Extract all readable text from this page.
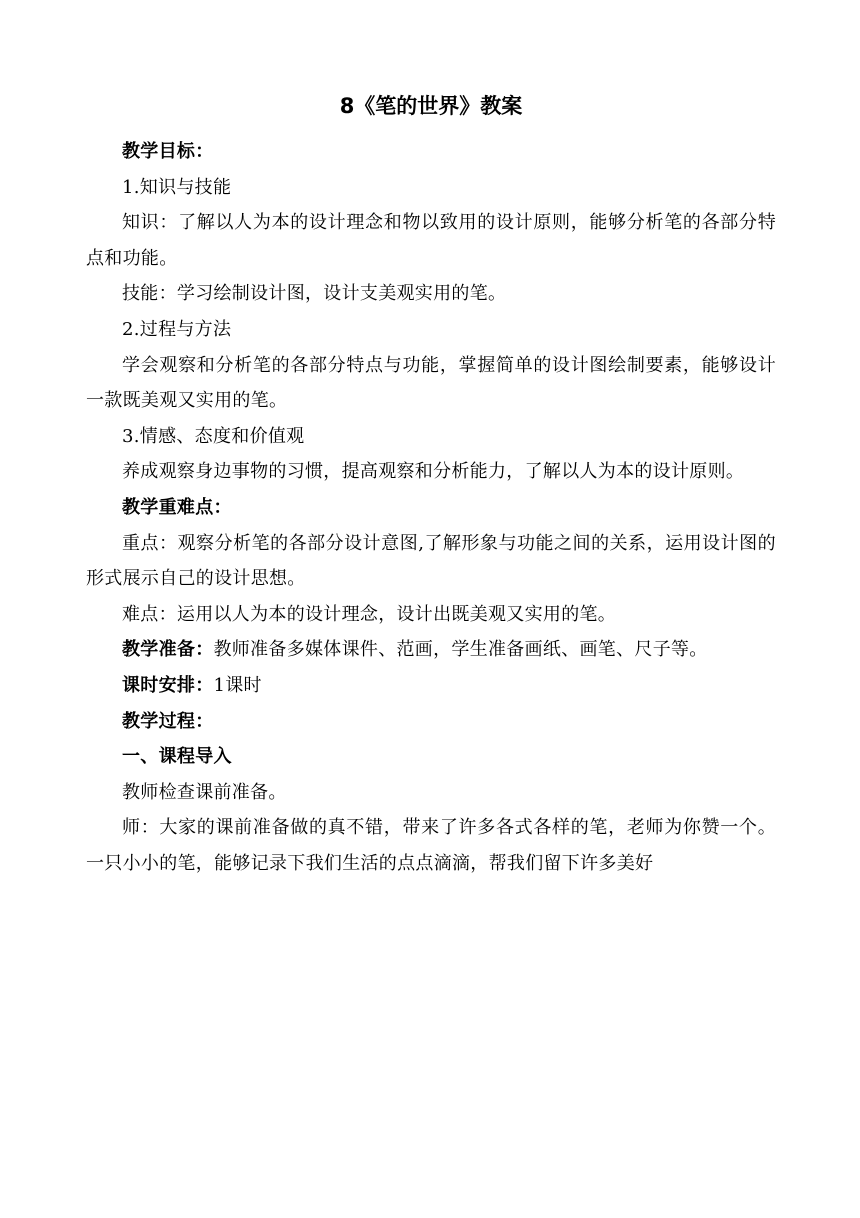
8《笔的世界》教案

教学目标：

1.知识与技能

知识：了解以人为本的设计理念和物以致用的设计原则，能够分析笔的各部分特点和功能。

技能：学习绘制设计图，设计支美观实用的笔。

2.过程与方法

学会观察和分析笔的各部分特点与功能，掌握简单的设计图绘制要素，能够设计一款既美观又实用的笔。

3.情感、态度和价值观

养成观察身边事物的习惯，提高观察和分析能力，了解以人为本的设计原则。

教学重难点：

重点：观察分析笔的各部分设计意图,了解形象与功能之间的关系，运用设计图的形式展示自己的设计思想。

难点：运用以人为本的设计理念，设计出既美观又实用的笔。

教学准备：教师准备多媒体课件、范画，学生准备画纸、画笔、尺子等。

课时安排：1课时

教学过程：

一、课程导入

教师检查课前准备。

师：大家的课前准备做的真不错，带来了许多各式各样的笔，老师为你赞一个。一只小小的笔，能够记录下我们生活的点点滴滴，帮我们留下许多美好
